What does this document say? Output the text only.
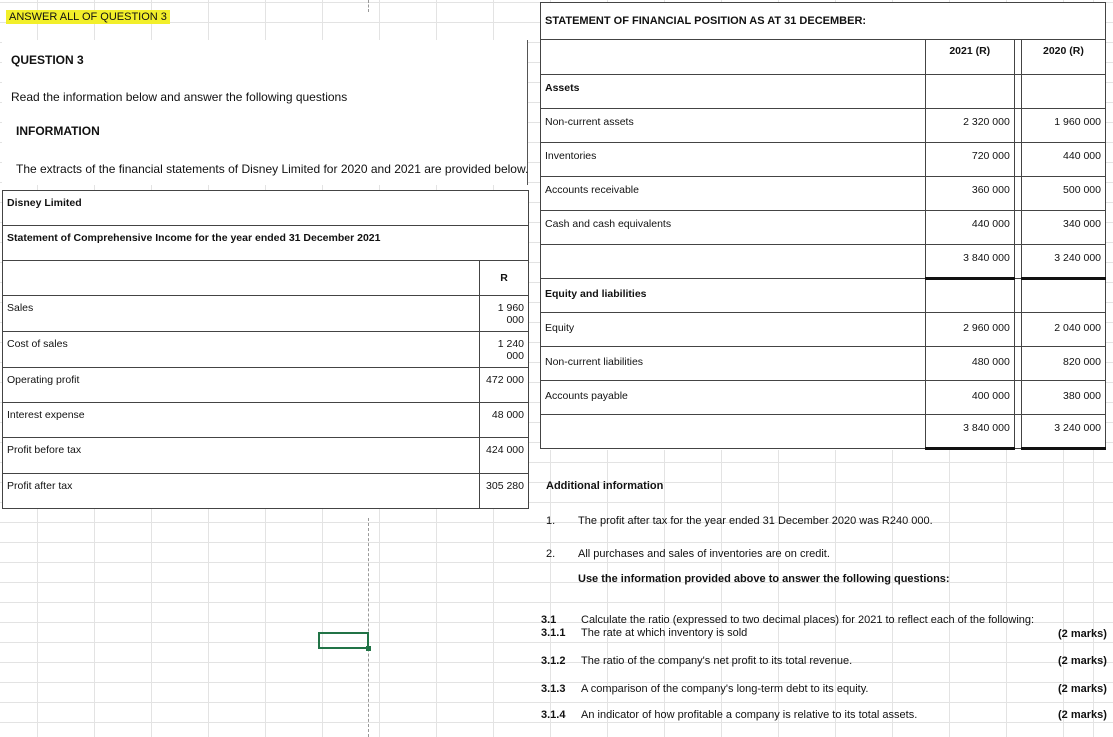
ANSWER ALL OF QUESTION 3
QUESTION 3
Read the information below and answer the following questions
INFORMATION
The extracts of the financial statements of Disney Limited for 2020 and 2021 are provided below.
Disney Limited	
Statement of Comprehensive Income for the year ended 31 December 2021	
	R
Sales	1 960 000
Cost of sales	1 240 000
Operating profit	472 000
Interest expense	48 000
Profit before tax	424 000
Profit after tax	305 280
STATEMENT OF FINANCIAL POSITION AS AT 31 DECEMBER:			
	2021 (R)		2020 (R)
Assets			
Non-current assets	2 320 000		1 960 000
Inventories	720 000		440 000
Accounts receivable	360 000		500 000
Cash and cash equivalents	440 000		340 000
	3 840 000		3 240 000
Equity and liabilities			
Equity	2 960 000		2 040 000
Non-current liabilities	480 000		820 000
Accounts payable	400 000		380 000
	3 840 000		3 240 000
Additional information
1. The profit after tax for the year ended 31 December 2020 was R240 000.
2. All purchases and sales of inventories are on credit.
Use the information provided above to answer the following questions:
3.1 Calculate the ratio (expressed to two decimal places) for 2021 to reflect each of the following:
3.1.1 The rate at which inventory is sold	(2 marks)
3.1.2 The ratio of the company's net profit to its total revenue.	(2 marks)
3.1.3 A comparison of the company's long-term debt to its equity.	(2 marks)
3.1.4 An indicator of how profitable a company is relative to its total assets.	(2 marks)
